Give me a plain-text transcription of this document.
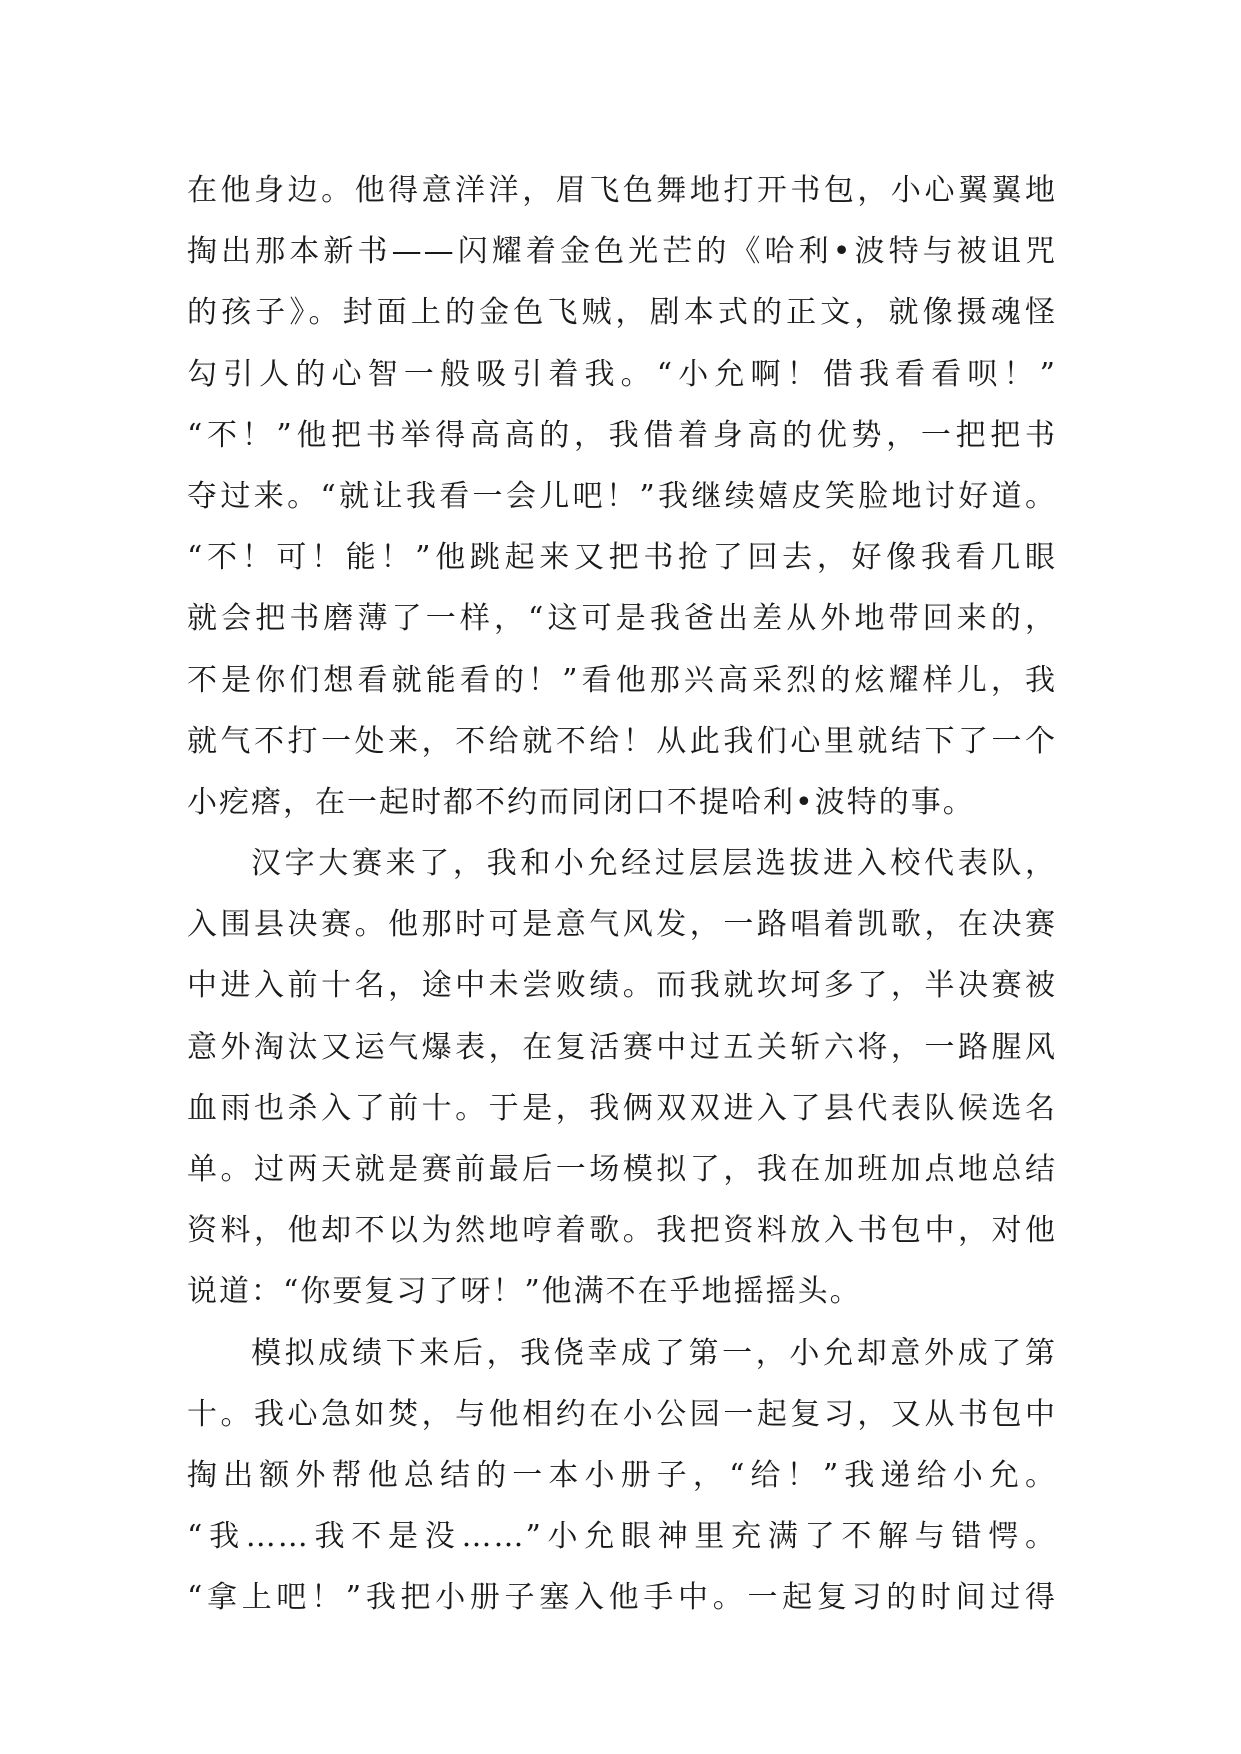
在他身边。他得意洋洋，眉飞色舞地打开书包，小心翼翼地
掏出那本新书——闪耀着金色光芒的《哈利•波特与被诅咒
的孩子》。封面上的金色飞贼，剧本式的正文，就像摄魂怪
勾引人的心智一般吸引着我。“小允啊！借我看看呗！”
“不！”他把书举得高高的，我借着身高的优势，一把把书
夺过来。“就让我看一会儿吧！”我继续嬉皮笑脸地讨好道。
“不！可！能！”他跳起来又把书抢了回去，好像我看几眼
就会把书磨薄了一样，“这可是我爸出差从外地带回来的，
不是你们想看就能看的！”看他那兴高采烈的炫耀样儿，我
就气不打一处来，不给就不给！从此我们心里就结下了一个
小疙瘩，在一起时都不约而同闭口不提哈利•波特的事。
汉字大赛来了，我和小允经过层层选拔进入校代表队，
入围县决赛。他那时可是意气风发，一路唱着凯歌，在决赛
中进入前十名，途中未尝败绩。而我就坎坷多了，半决赛被
意外淘汰又运气爆表，在复活赛中过五关斩六将，一路腥风
血雨也杀入了前十。于是，我俩双双进入了县代表队候选名
单。过两天就是赛前最后一场模拟了，我在加班加点地总结
资料，他却不以为然地哼着歌。我把资料放入书包中，对他
说道：“你要复习了呀！”他满不在乎地摇摇头。
模拟成绩下来后，我侥幸成了第一，小允却意外成了第
十。我心急如焚，与他相约在小公园一起复习，又从书包中
掏出额外帮他总结的一本小册子，“给！”我递给小允。
“我……我不是没……”小允眼神里充满了不解与错愕。
“拿上吧！”我把小册子塞入他手中。一起复习的时间过得
